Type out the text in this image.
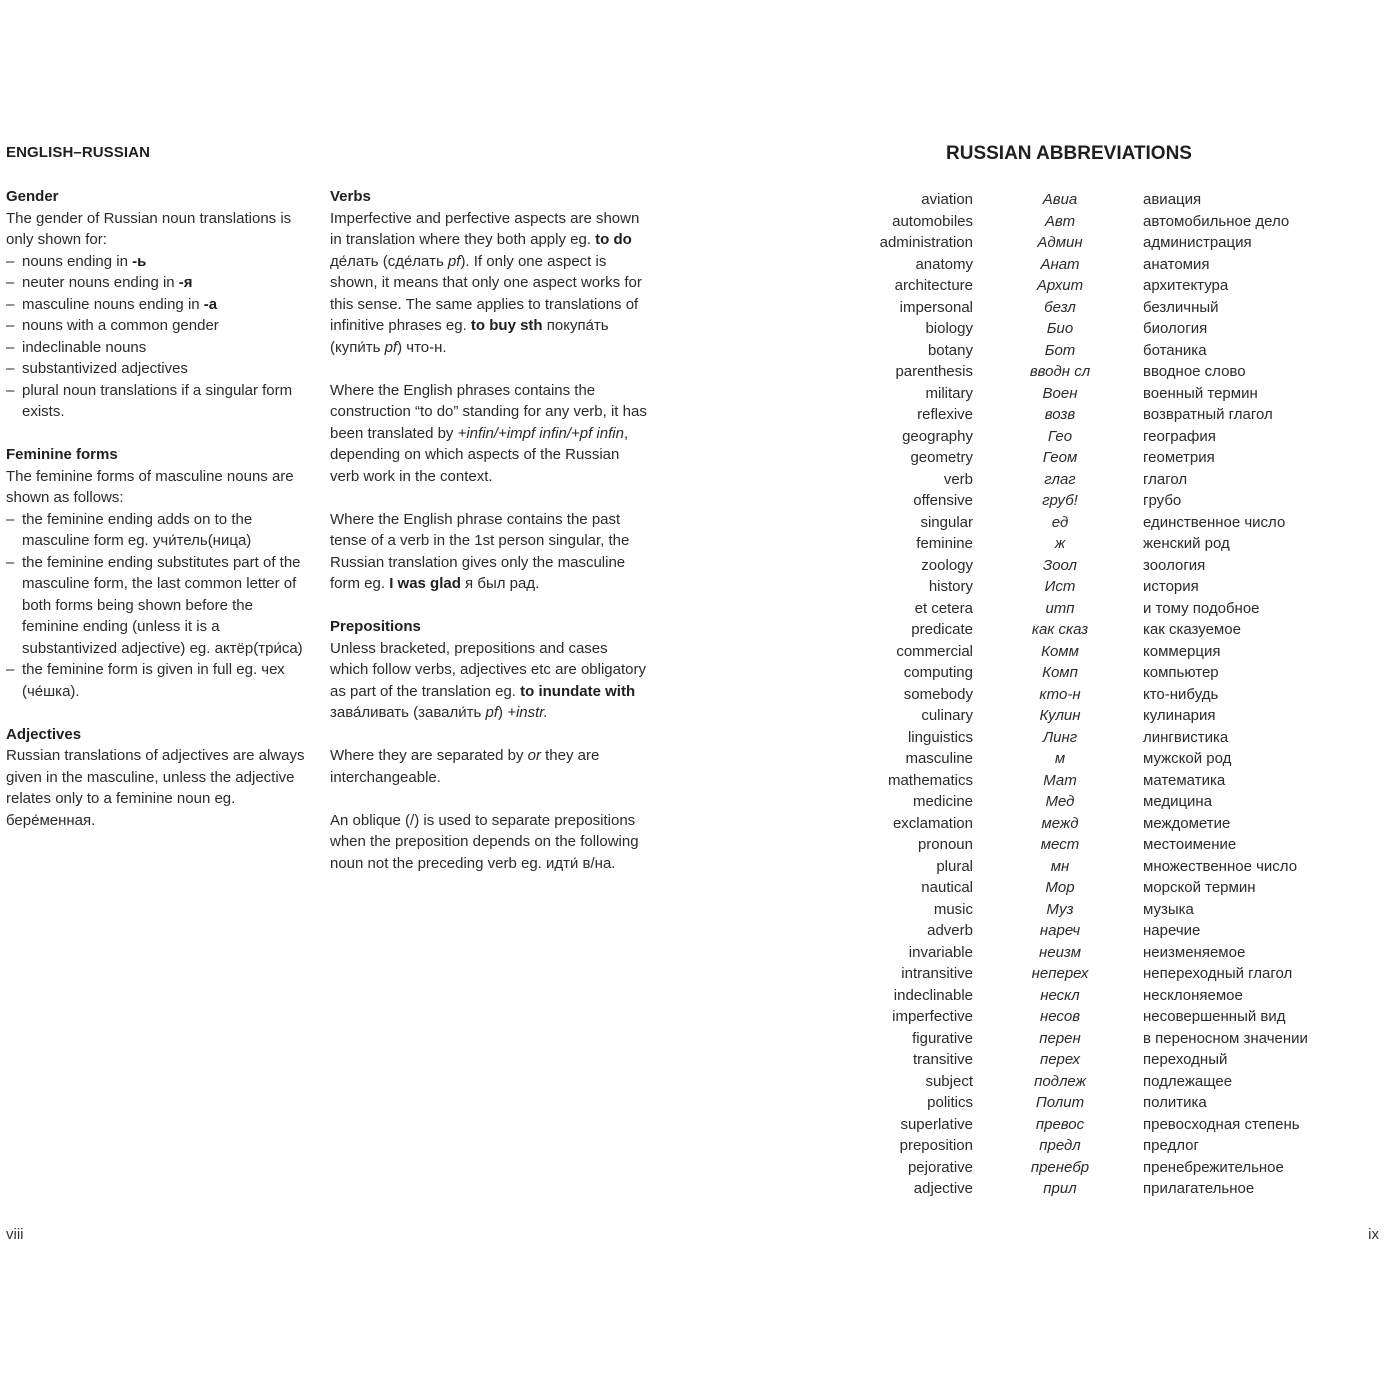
ENGLISH–RUSSIAN
Gender

The gender of Russian noun translations is only shown for:

– nouns ending in -ь
– neuter nouns ending in -я
– masculine nouns ending in -а
– nouns with a common gender
– indeclinable nouns
– substantivized adjectives
– plural noun translations if a singular form exists.
Feminine forms

The feminine forms of masculine nouns are shown as follows:

– the feminine ending adds on to the masculine form eg. учи́тель(ница)
– the feminine ending substitutes part of the masculine form, the last common letter of both forms being shown before the feminine ending (unless it is a substantivized adjective) eg. актёр(три́са)
– the feminine form is given in full eg. чех (че́шка).
Adjectives

Russian translations of adjectives are always given in the masculine, unless the adjective relates only to a feminine noun eg. бере́менная.

Verbs

Imperfective and perfective aspects are shown in translation where they both apply eg. to do де́лать (сде́лать pf). If only one aspect is shown, it means that only one aspect works for this sense. The same applies to translations of infinitive phrases eg. to buy sth покупа́ть (купи́ть pf) что-н.

Where the English phrases contains the construction “to do” standing for any verb, it has been translated by +infin/+impf infin/+pf infin, depending on which aspects of the Russian verb work in the context.

Where the English phrase contains the past tense of a verb in the 1st person singular, the Russian translation gives only the masculine form eg. I was glad я был рад.

Prepositions

Unless bracketed, prepositions and cases which follow verbs, adjectives etc are obligatory as part of the translation eg. to inundate with зава́ливать (завали́ть pf) +instr.

Where they are separated by or they are interchangeable.

An oblique (/) is used to separate prepositions when the preposition depends on the following noun not the preceding verb eg. идти́ в/на.

viii
RUSSIAN ABBREVIATIONS
aviation	Авиа	авиация
automobiles	Авт	автомобильное дело
administration	Админ	администрация
anatomy	Анат	анатомия
architecture	Архит	архитектура
impersonal	безл	безличный
biology	Био	биология
botany	Бот	ботаника
parenthesis	вводн сл	вводное слово
military	Воен	военный термин
reflexive	возв	возвратный глагол
geography	Гео	география
geometry	Геом	геометрия
verb	глаг	глагол
offensive	груб!	грубо
singular	ед	единственное число
feminine	ж	женский род
zoology	Зоол	зоология
history	Ист	история
et cetera	итп	и тому подобное
predicate	как сказ	как сказуемое
commercial	Комм	коммерция
computing	Комп	компьютер
somebody	кто-н	кто-нибудь
culinary	Кулин	кулинария
linguistics	Линг	лингвистика
masculine	м	мужской род
mathematics	Мат	математика
medicine	Мед	медицина
exclamation	межд	междометие
pronoun	мест	местоимение
plural	мн	множественное число
nautical	Мор	морской термин
music	Муз	музыка
adverb	нареч	наречие
invariable	неизм	неизменяемое
intransitive	неперех	непереходный глагол
indeclinable	нескл	несклоняемое
imperfective	несов	несовершенный вид
figurative	перен	в переносном значении
transitive	перех	переходный
subject	подлеж	подлежащее
politics	Полит	политика
superlative	превос	превосходная степень
preposition	предл	предлог
pejorative	пренебр	пренебрежительное
adjective	прил	прилагательное
ix
